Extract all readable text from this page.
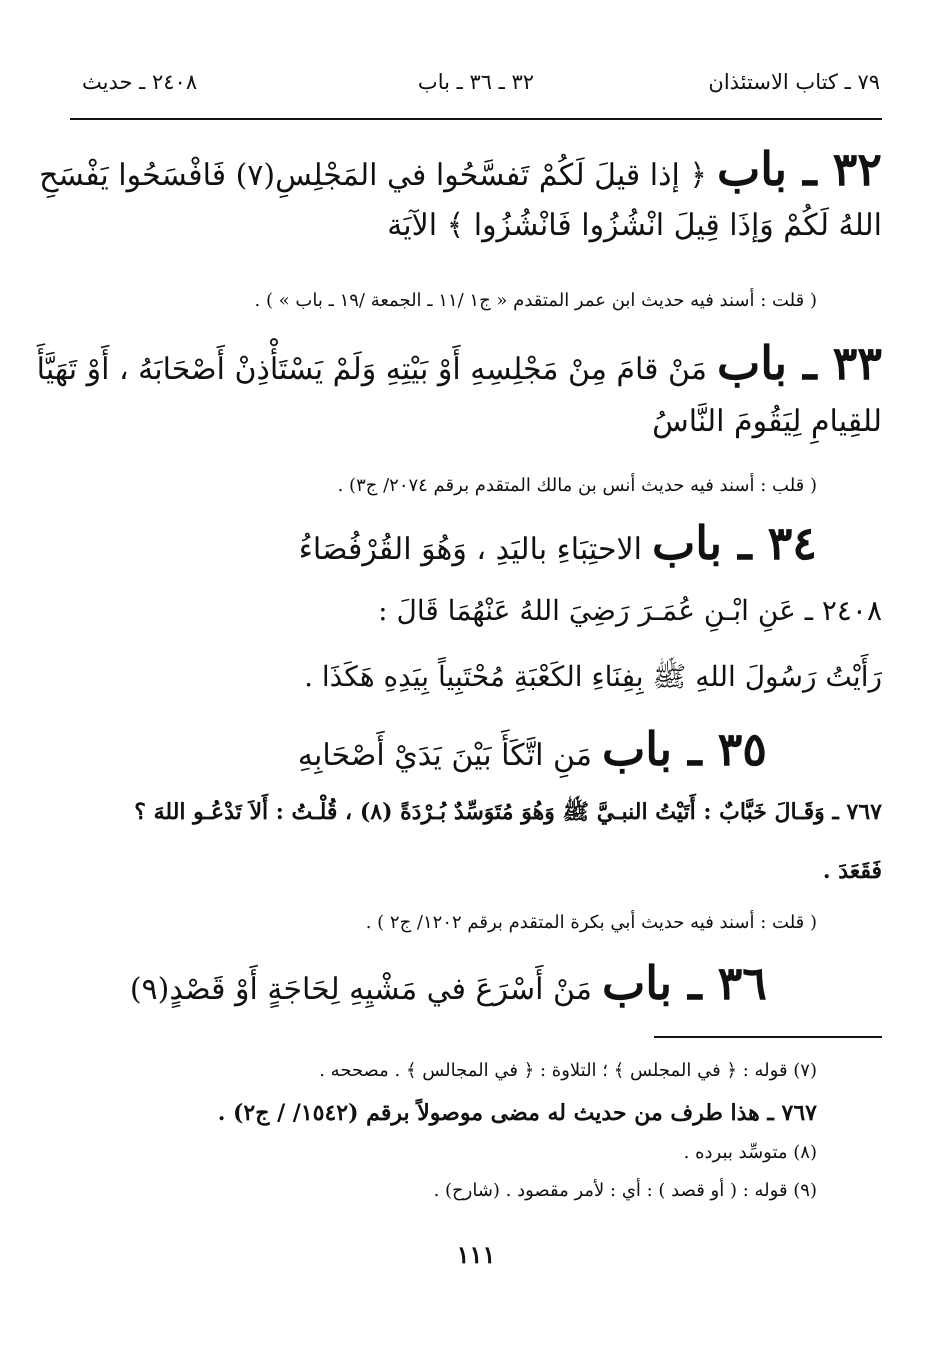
٧٩ ـ كتاب الاستئذان
٣٢ ـ ٣٦ ـ باب
٢٤٠٨ ـ حديث
٣٢ ـ باب﴿ إذا قيلَ لَكُمْ تَفسَّحُوا في المَجْلِسِ(٧) فَافْسَحُوا يَفْسَحِ
اللهُ لَكُمْ وَإذَا قِيلَ انْشُزُوا فَانْشُزُوا ﴾ الآيَة
( قلت : أسند فيه حديث ابن عمر المتقدم « ج١ /١١ ـ الجمعة /١٩ ـ باب » ) .
٣٣ ـ بابمَنْ قامَ مِنْ مَجْلِسِهِ أَوْ بَيْتِهِ وَلَمْ يَسْتَأْذِنْ أَصْحَابَهُ ، أَوْ تَهَيَّأَ
للقِيامِ لِيَقُومَ النَّاسُ
( قلب : أسند فيه حديث أنس بن مالك المتقدم برقم ٢٠٧٤/ ج٣) .
٣٤ ـ بابالاحتِبَاءِ باليَدِ ، وَهُوَ القُرْفُصَاءُ
٢٤٠٨ ـ عَنِ ابْـنِ عُمَـرَ رَضِيَ اللهُ عَنْهُمَا قَالَ :
رَأَيْتُ رَسُولَ اللهِ ﷺ بِفِنَاءِ الكَعْبَةِ مُحْتَبِياً بِيَدِهِ هَكَذَا .
٣٥ ـ بابمَنِ اتَّكَأَ بَيْنَ يَدَيْ أَصْحَابِهِ
٧٦٧ ـ وَقَـالَ خَبَّابٌ : أَتَيْتُ النبـيَّ ﷺ وَهُوَ مُتَوَسِّدٌ بُـرْدَةً (٨) ، قُلْـتُ : أَلاَ تَدْعُـو اللهَ ؟
فَقَعَدَ .
( قلت : أسند فيه حديث أبي بكرة المتقدم برقم ١٢٠٢/ ج٢ ) .
٣٦ ـ بابمَنْ أَسْرَعَ في مَشْيِهِ لِحَاجَةٍ أَوْ قَصْدٍ(٩)
(٧) قوله : ﴿ في المجلس ﴾ ؛ التلاوة : ﴿ في المجالس ﴾ . مصححه .
٧٦٧ ـ هذا طرف من حديث له مضى موصولاً برقم (١٥٤٢/ / ج٢) .
(٨) متوسِّد ببرده .
(٩) قوله : ( أو قصد ) : أي : لأمر مقصود . (شارح) .
١١١
